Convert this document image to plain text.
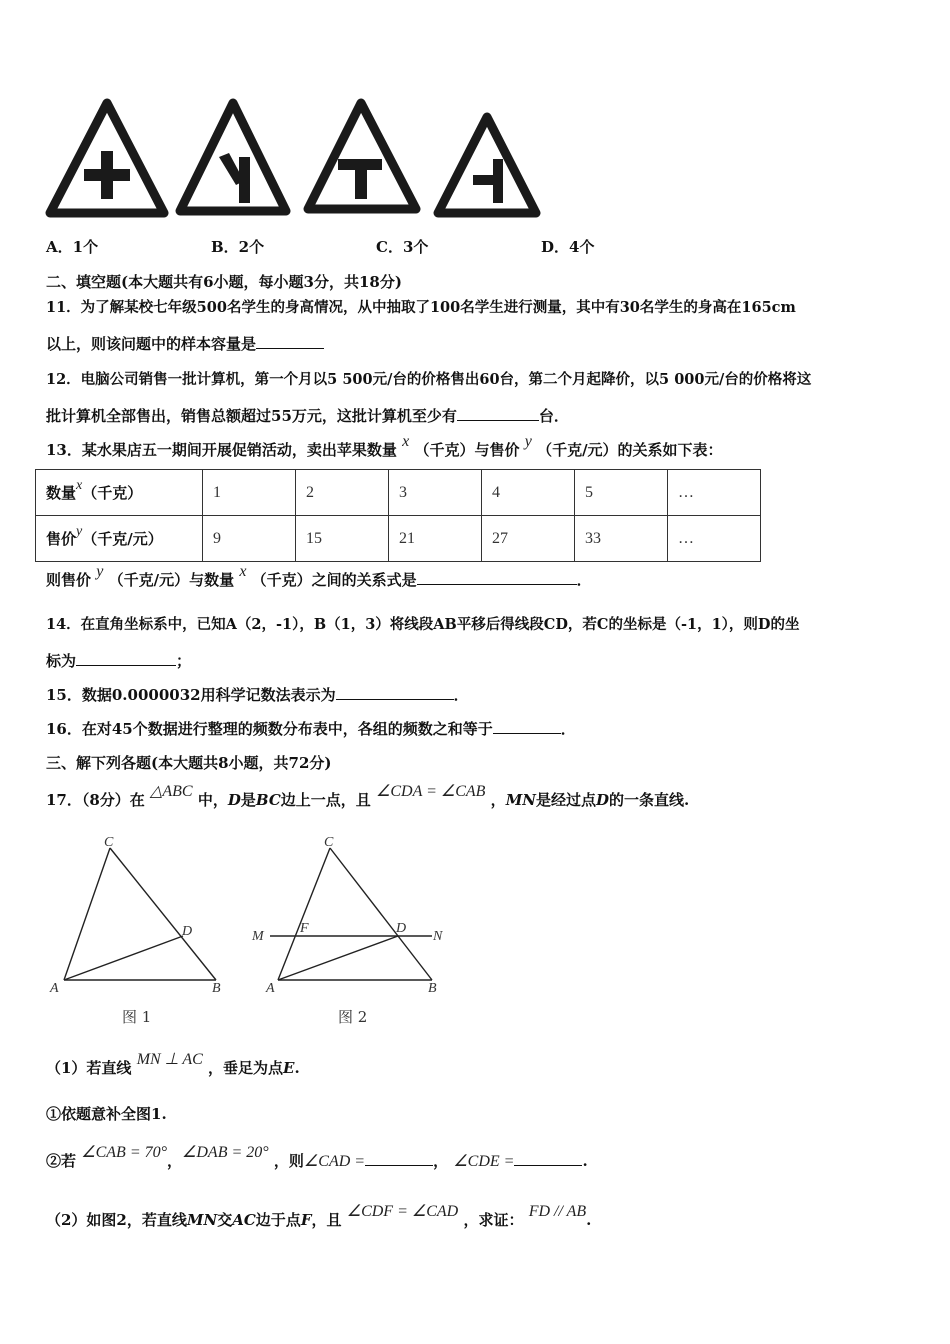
A．1个	B．2个	C．3个	D．4个
二、填空题(本大题共有6小题，每小题3分，共18分)
11．为了解某校七年级500名学生的身高情况，从中抽取了100名学生进行测量，其中有30名学生的身高在165cm
以上，则该问题中的样本容量是
12．电脑公司销售一批计算机，第一个月以5 500元/台的价格售出60台，第二个月起降价，以5 000元/台的价格将这
批计算机全部售出，销售总额超过55万元，这批计算机至少有	台．
13．某水果店五一期间开展促销活动，卖出苹果数量 x （千克）与售价 y （千克/元）的关系如下表：
数量x（千克）	1	2	3	4	5	…
售价y（千克/元）	9	15	21	27	33	…
则售价 y （千克/元）与数量 x （千克）之间的关系式是	．
14．在直角坐标系中，已知A（2，-1），B（1，3）将线段AB平移后得线段CD，若C的坐标是（-1，1），则D的坐
标为	；
15．数据0.0000032用科学记数法表示为	．
16．在对45个数据进行整理的频数分布表中，各组的频数之和等于	．
三、解下列各题(本大题共8小题，共72分)
17．（8分）在 △ABC 中，D是BC边上一点，且 ∠CDA = ∠CAB ，MN是经过点D的一条直线.
C
D
A	B
图 1
C
M
F	D
N
A	B
图 2
（1）若直线 MN ⊥ AC ，垂足为点E.
①依题意补全图1.
②若 ∠CAB = 70°，∠DAB = 20° ，则∠CAD =	， ∠CDE =	.
（2）如图2，若直线MN交AC边于点F，且 ∠CDF = ∠CAD ，求证： FD // AB.
